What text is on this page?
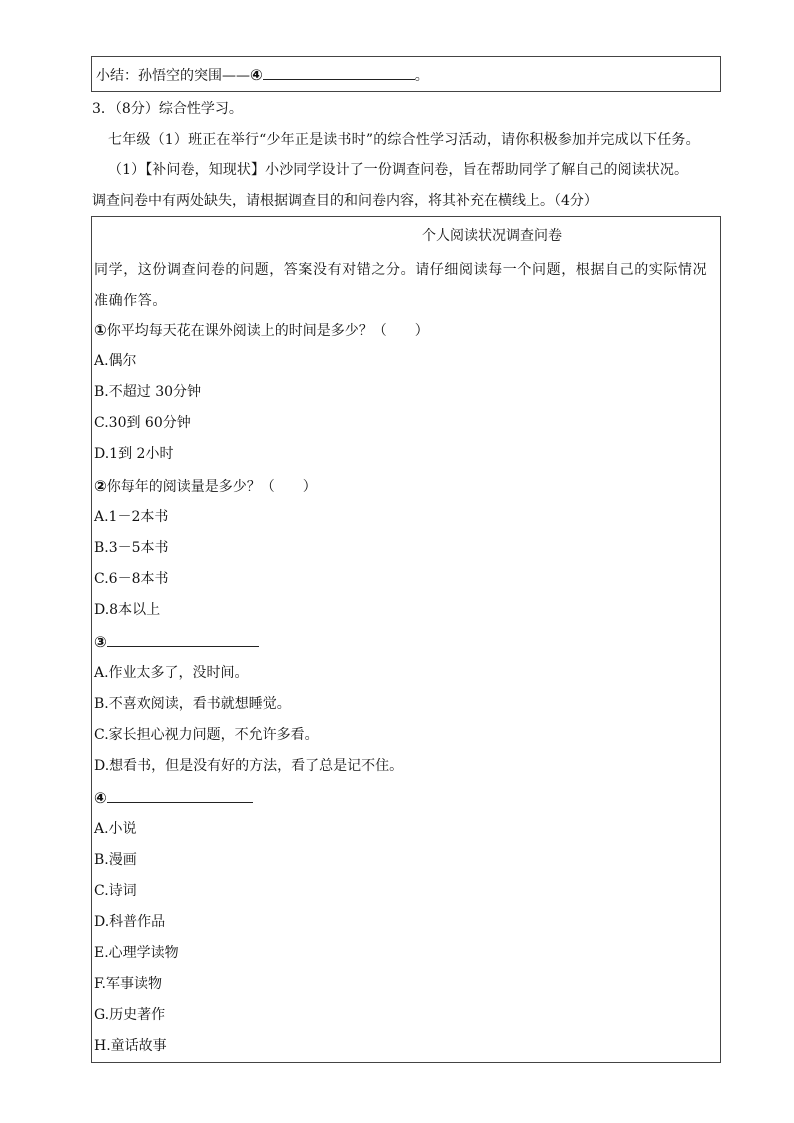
小结：孙悟空的突围——④	。
3．（8分）综合性学习。
七年级（1）班正在举行“少年正是读书时”的综合性学习活动，请你积极参加并完成以下任务。
（1）【补问卷，知现状】小沙同学设计了一份调查问卷，旨在帮助同学了解自己的阅读状况。
调查问卷中有两处缺失，请根据调查目的和问卷内容，将其补充在横线上。（4分）
个人阅读状况调查问卷
同学，这份调查问卷的问题，答案没有对错之分。请仔细阅读每一个问题，根据自己的实际情况准确作答。
①你平均每天花在课外阅读上的时间是多少？（　　）
A.偶尔
B.不超过 30分钟
C.30到 60分钟
D.1到 2小时
②你每年的阅读量是多少？（　　）
A.1－2本书
B.3－5本书
C.6－8本书
D.8本以上
③
A.作业太多了，没时间。
B.不喜欢阅读，看书就想睡觉。
C.家长担心视力问题，不允许多看。
D.想看书，但是没有好的方法，看了总是记不住。
④
A.小说
B.漫画
C.诗词
D.科普作品
E.心理学读物
F.军事读物
G.历史著作
H.童话故事
